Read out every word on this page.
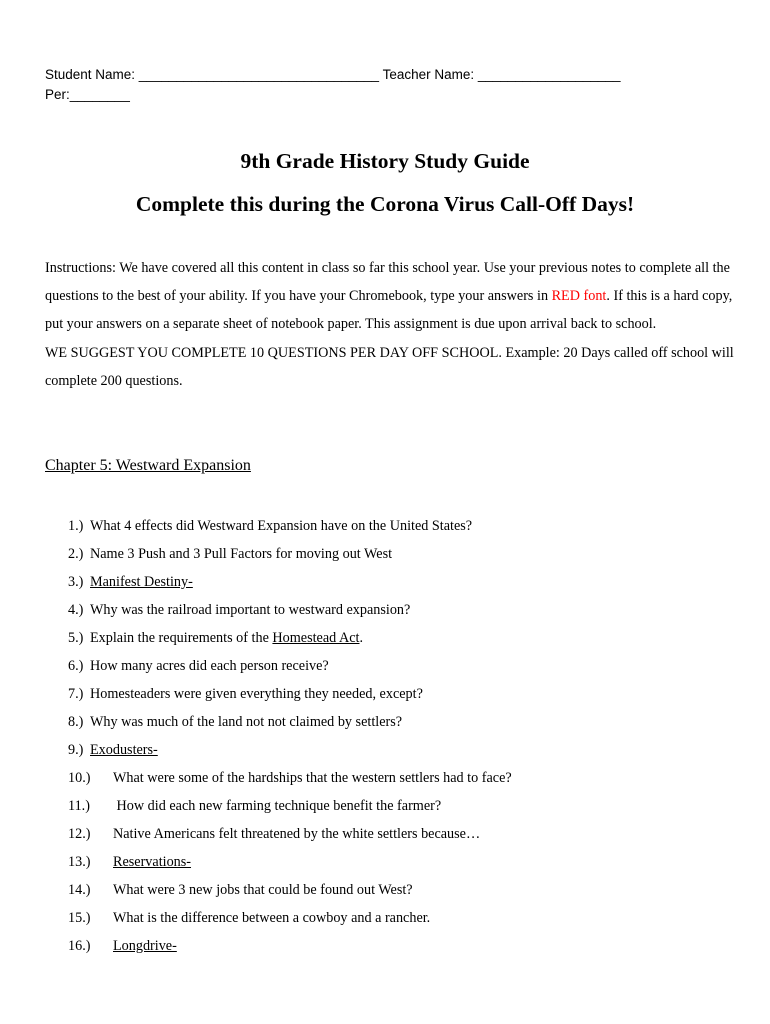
Student Name: ________________________________ Teacher Name: ___________________
Per:________
9th Grade History Study Guide
Complete this during the Corona Virus Call-Off Days!

Instructions: We have covered all this content in class so far this school year. Use your previous notes to complete all the questions to the best of your ability. If you have your Chromebook, type your answers in RED font. If this is a hard copy, put your answers on a separate sheet of notebook paper. This assignment is due upon arrival back to school.

WE SUGGEST YOU COMPLETE 10 QUESTIONS PER DAY OFF SCHOOL. Example: 20 Days called off school will complete 200 questions.

Chapter 5: Westward Expansion
1.) What 4 effects did Westward Expansion have on the United States?
2.) Name 3 Push and 3 Pull Factors for moving out West
3.) Manifest Destiny-
4.) Why was the railroad important to westward expansion?
5.) Explain the requirements of the Homestead Act.
6.) How many acres did each person receive?
7.) Homesteaders were given everything they needed, except?
8.) Why was much of the land not not claimed by settlers?
9.) Exodusters-
10.) What were some of the hardships that the western settlers had to face?
11.) How did each new farming technique benefit the farmer?
12.) Native Americans felt threatened by the white settlers because…
13.) Reservations-
14.) What were 3 new jobs that could be found out West?
15.) What is the difference between a cowboy and a rancher.
16.) Longdrive-
